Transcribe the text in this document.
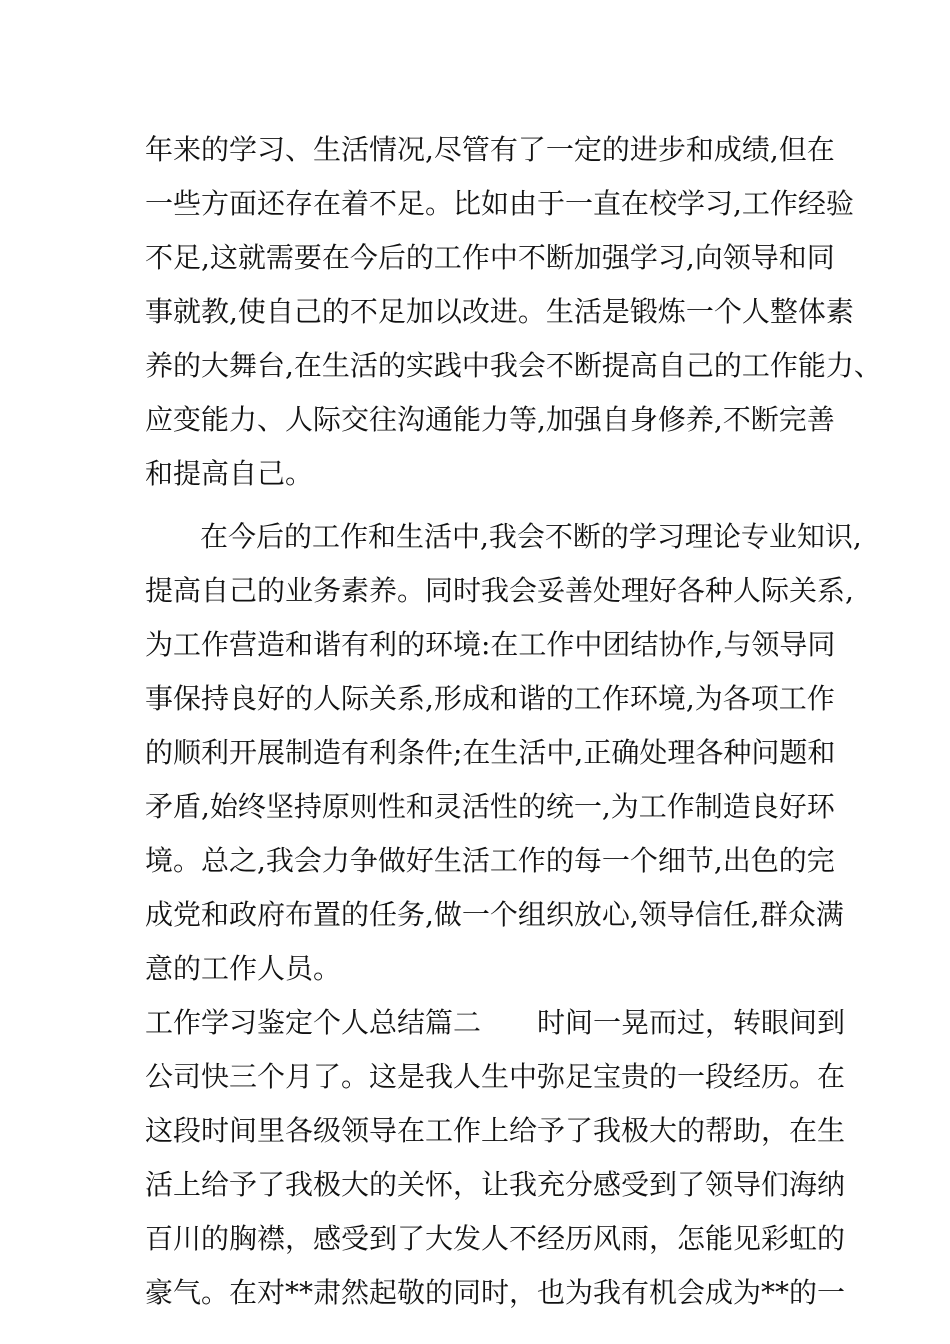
年来的学习、生活情况,尽管有了一定的进步和成绩,但在
一些方面还存在着不足。比如由于一直在校学习,工作经验
不足,这就需要在今后的工作中不断加强学习,向领导和同
事就教,使自己的不足加以改进。生活是锻炼一个人整体素
养的大舞台,在生活的实践中我会不断提高自己的工作能力、
应变能力、人际交往沟通能力等,加强自身修养,不断完善
和提高自己。
在今后的工作和生活中,我会不断的学习理论专业知识,
提高自己的业务素养。同时我会妥善处理好各种人际关系,
为工作营造和谐有利的环境:在工作中团结协作,与领导同
事保持良好的人际关系,形成和谐的工作环境,为各项工作
的顺利开展制造有利条件;在生活中,正确处理各种问题和
矛盾,始终坚持原则性和灵活性的统一,为工作制造良好环
境。总之,我会力争做好生活工作的每一个细节,出色的完
成党和政府布置的任务,做一个组织放心,领导信任,群众满
意的工作人员。
工作学习鉴定个人总结篇二　　时间一晃而过，转眼间到
公司快三个月了。这是我人生中弥足宝贵的一段经历。在
这段时间里各级领导在工作上给予了我极大的帮助，在生
活上给予了我极大的关怀，让我充分感受到了领导们海纳
百川的胸襟，感受到了大发人不经历风雨，怎能见彩虹的
豪气。在对**肃然起敬的同时，也为我有机会成为**的一
